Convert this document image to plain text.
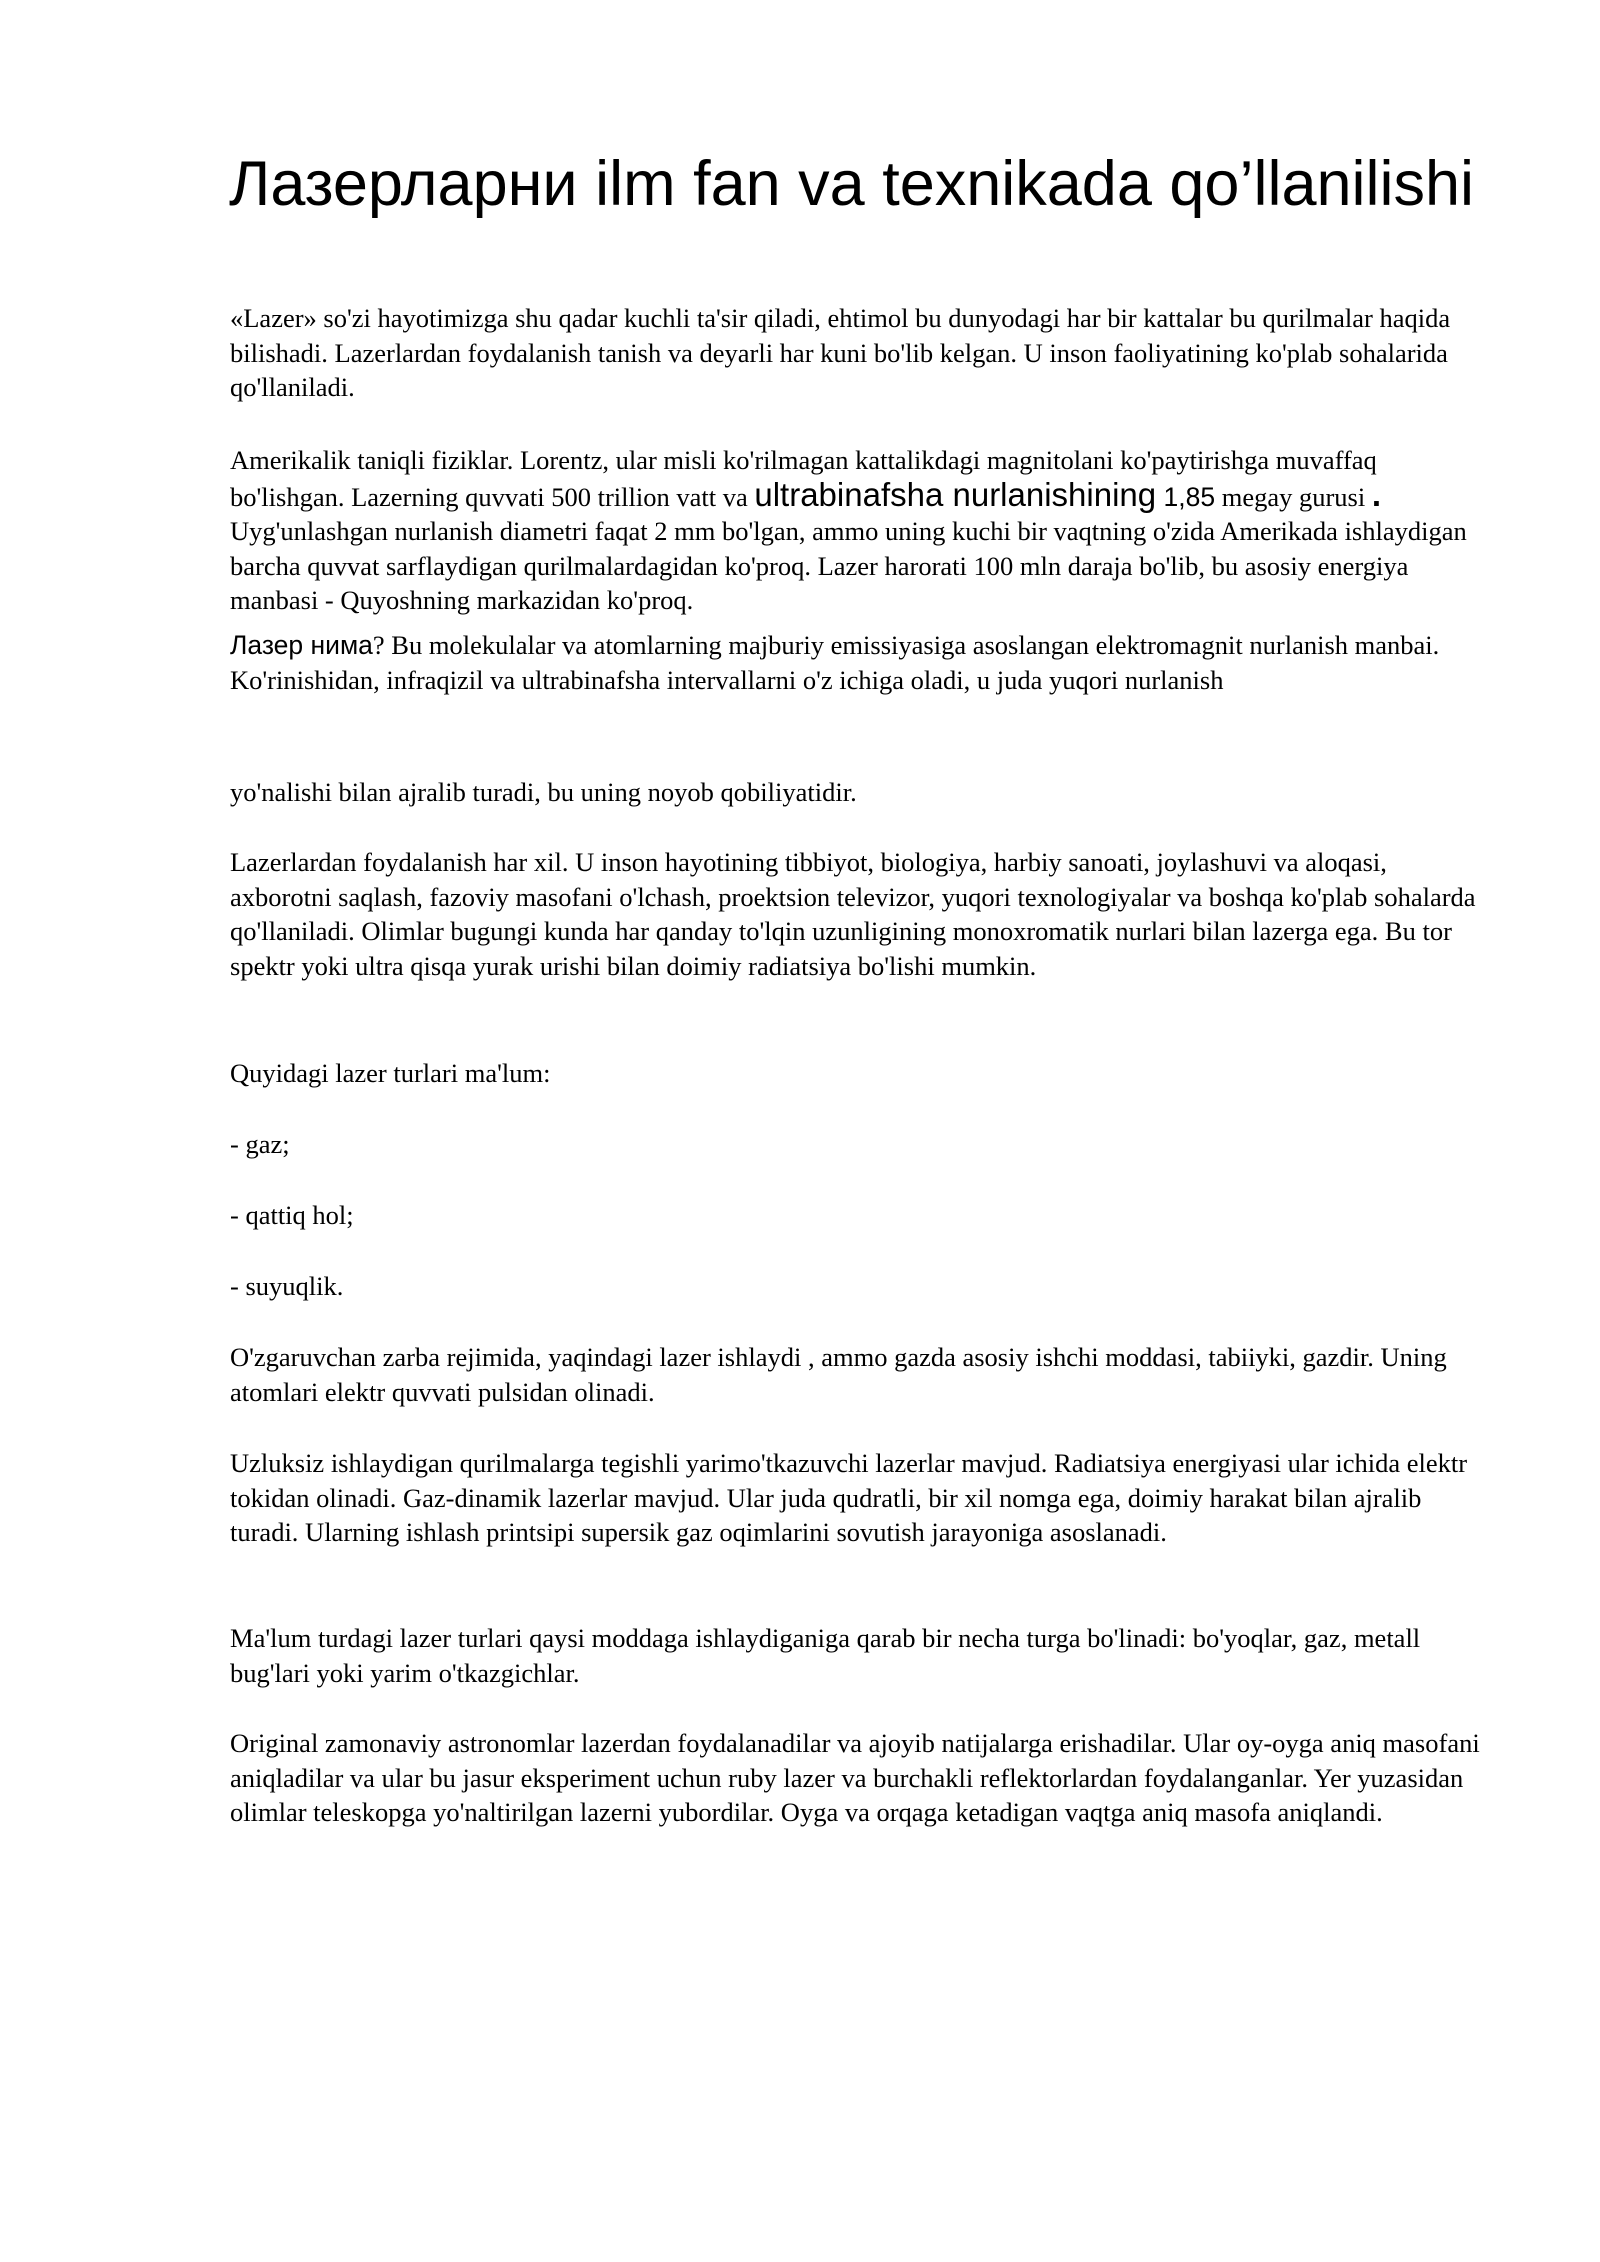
Лазерларни ilm fan va texnikada qo’llanilishi

«Lazer» so'zi hayotimizga shu qadar kuchli ta'sir qiladi, ehtimol bu dunyodagi har bir kattalar bu qurilmalar haqida bilishadi. Lazerlardan foydalanish tanish va deyarli har kuni bo'lib kelgan. U inson faoliyatining ko'plab sohalarida qo'llaniladi.

Amerikalik taniqli fiziklar. Lorentz, ular misli ko'rilmagan kattalikdagi magnitolani ko'paytirishga muvaffaq bo'lishgan. Lazerning quvvati 500 trillion vatt va ultrabinafsha nurlanishining 1,85 megay gurusi . Uyg'unlashgan nurlanish diametri faqat 2 mm bo'lgan, ammo uning kuchi bir vaqtning o'zida Amerikada ishlaydigan barcha quvvat sarflaydigan qurilmalardagidan ko'proq. Lazer harorati 100 mln daraja bo'lib, bu asosiy energiya manbasi - Quyoshning markazidan ko'proq.

Лазер нима? Bu molekulalar va atomlarning majburiy emissiyasiga asoslangan elektromagnit nurlanish manbai. Ko'rinishidan, infraqizil va ultrabinafsha intervallarni o'z ichiga oladi, u juda yuqori nurlanish

yo'nalishi bilan ajralib turadi, bu uning noyob qobiliyatidir.

Lazerlardan foydalanish har xil. U inson hayotining tibbiyot, biologiya, harbiy sanoati, joylashuvi va aloqasi, axborotni saqlash, fazoviy masofani o'lchash, proektsion televizor, yuqori texnologiyalar va boshqa ko'plab sohalarda qo'llaniladi. Olimlar bugungi kunda har qanday to'lqin uzunligining monoxromatik nurlari bilan lazerga ega. Bu tor spektr yoki ultra qisqa yurak urishi bilan doimiy radiatsiya bo'lishi mumkin.

Quyidagi lazer turlari ma'lum:

- gaz;

- qattiq hol;

- suyuqlik.

O'zgaruvchan zarba rejimida, yaqindagi lazer ishlaydi , ammo gazda asosiy ishchi moddasi, tabiiyki, gazdir. Uning atomlari elektr quvvati pulsidan olinadi.

Uzluksiz ishlaydigan qurilmalarga tegishli yarimo'tkazuvchi lazerlar mavjud. Radiatsiya energiyasi ular ichida elektr tokidan olinadi. Gaz-dinamik lazerlar mavjud. Ular juda qudratli, bir xil nomga ega, doimiy harakat bilan ajralib turadi. Ularning ishlash printsipi supersik gaz oqimlarini sovutish jarayoniga asoslanadi.

Ma'lum turdagi lazer turlari qaysi moddaga ishlaydiganiga qarab bir necha turga bo'linadi: bo'yoqlar, gaz, metall bug'lari yoki yarim o'tkazgichlar.

Original zamonaviy astronomlar lazerdan foydalanadilar va ajoyib natijalarga erishadilar. Ular oy-oyga aniq masofani aniqladilar va ular bu jasur eksperiment uchun ruby lazer va burchakli reflektorlardan foydalanganlar. Yer yuzasidan olimlar teleskopga yo'naltirilgan lazerni yubordilar. Oyga va orqaga ketadigan vaqtga aniq masofa aniqlandi.
